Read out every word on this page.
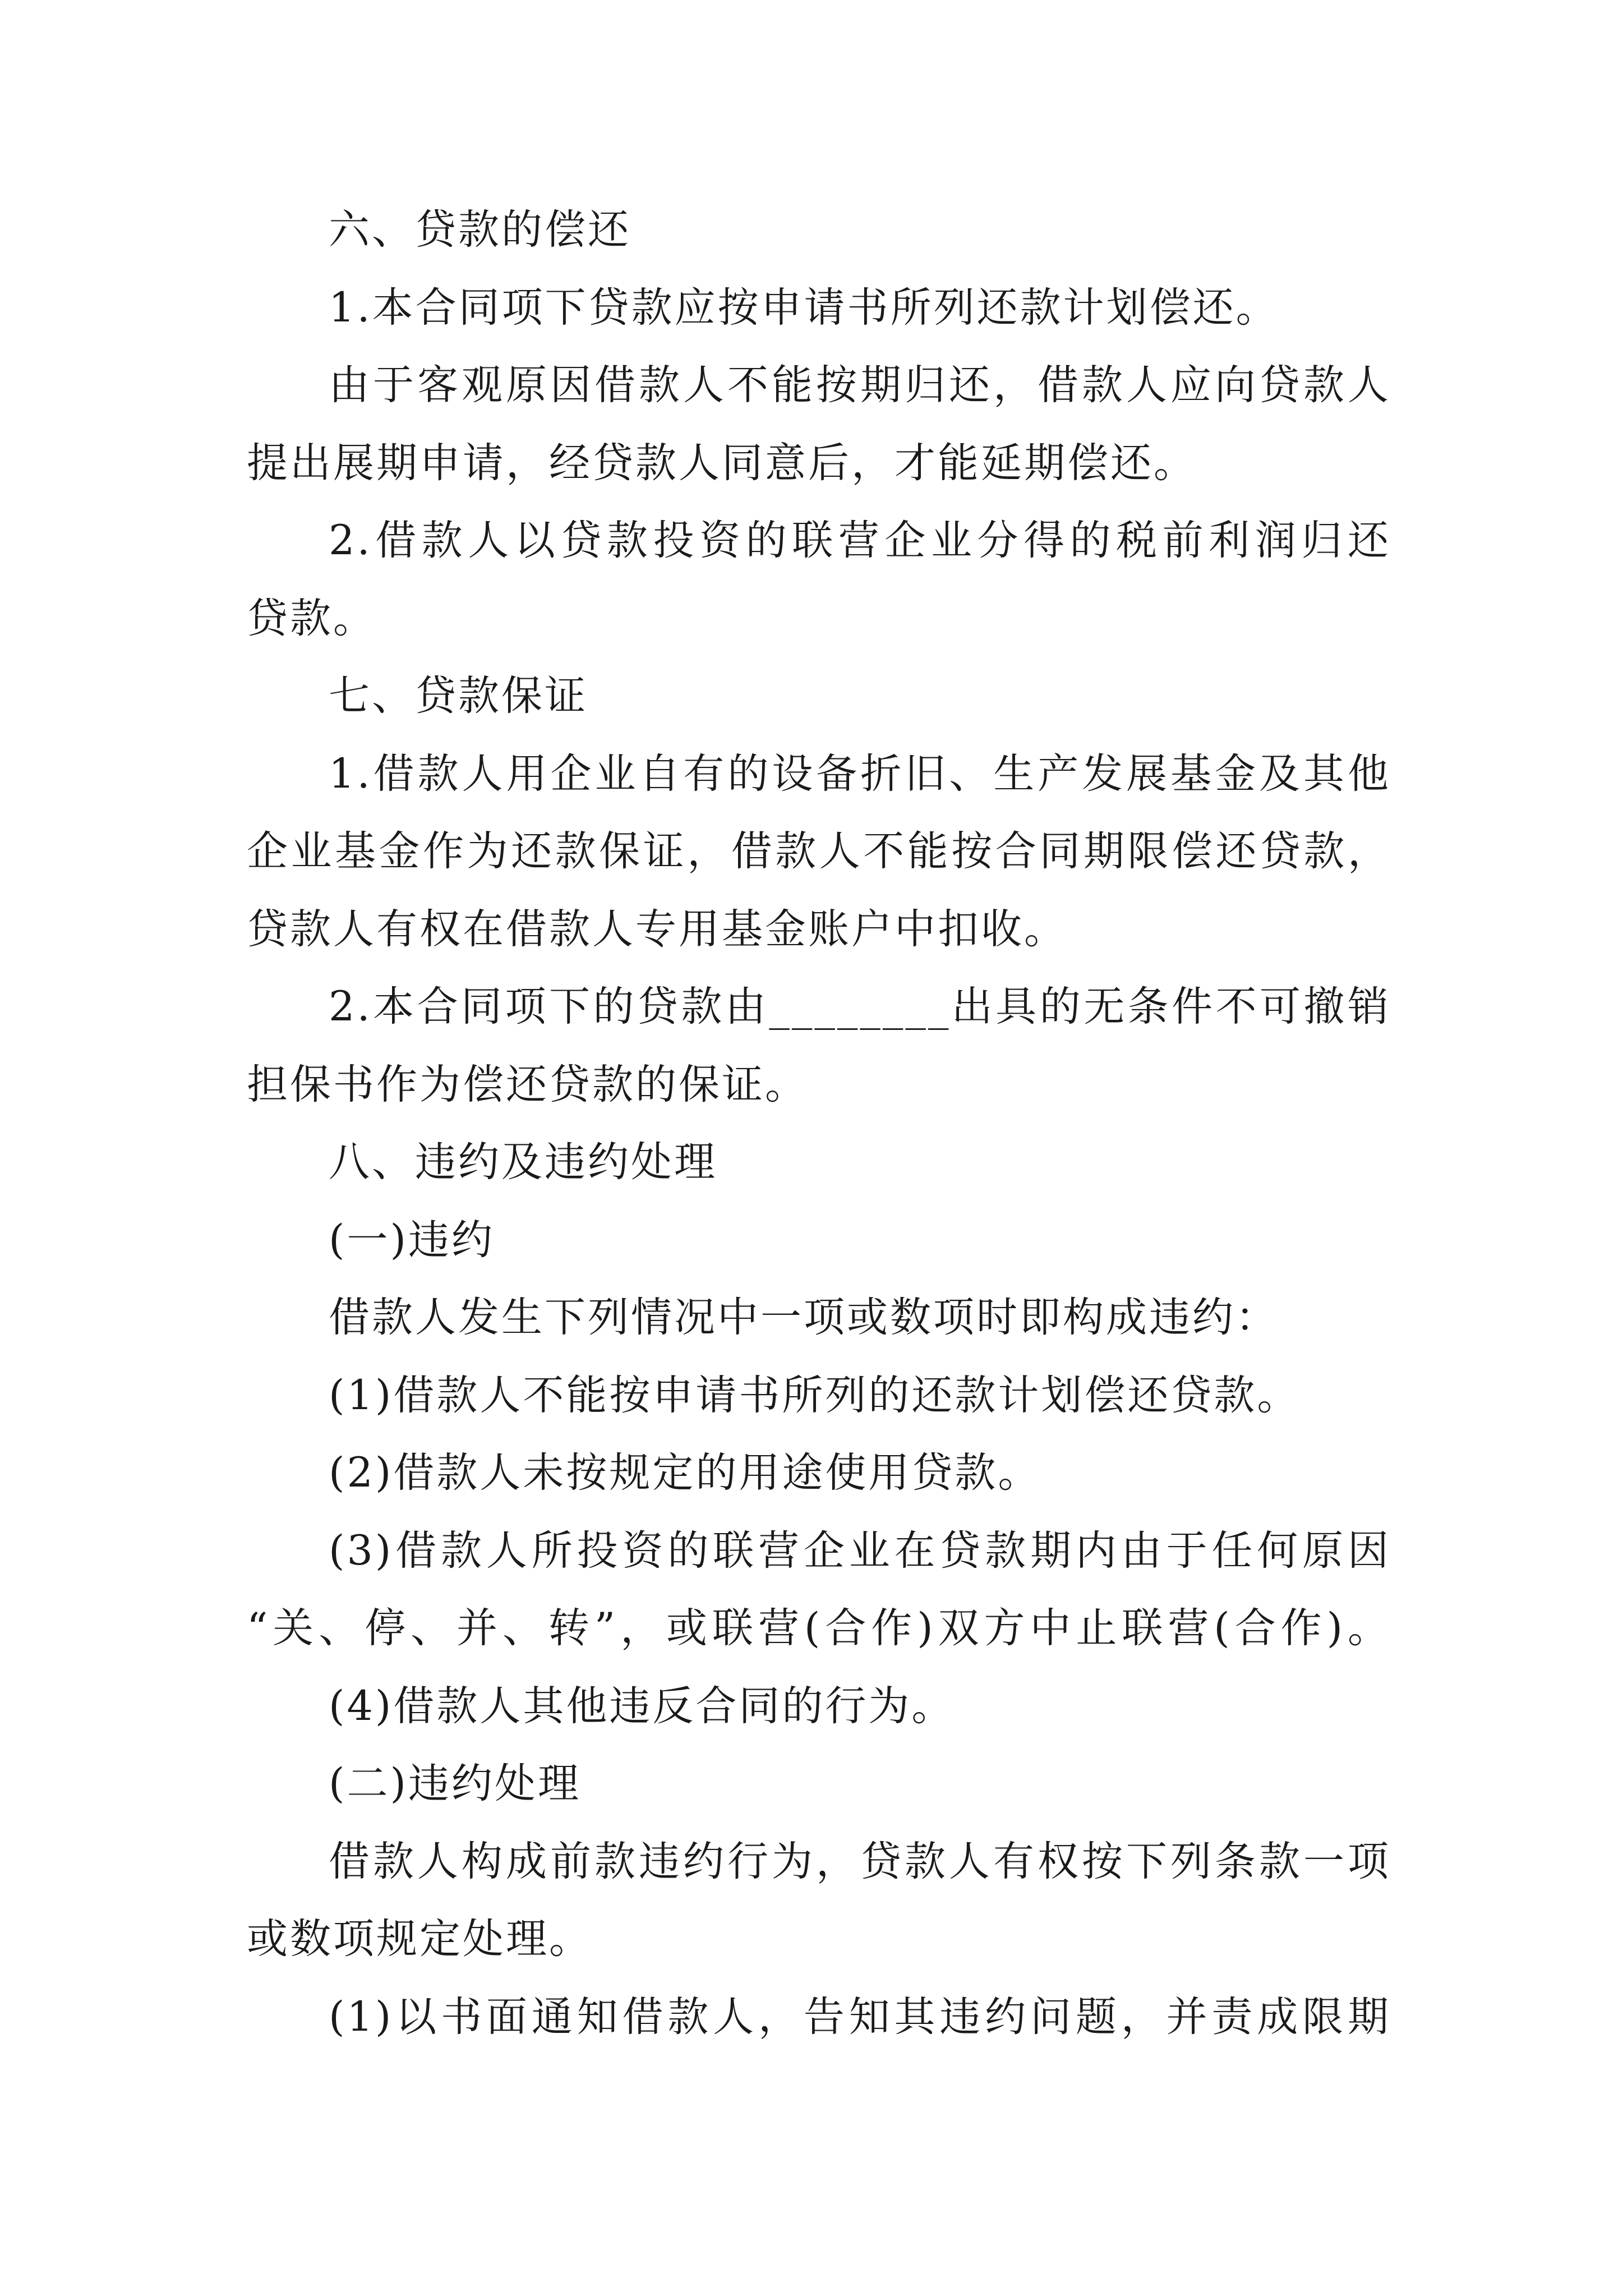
六、贷款的偿还
1.本合同项下贷款应按申请书所列还款计划偿还。
由于客观原因借款人不能按期归还，借款人应向贷款人
提出展期申请，经贷款人同意后，才能延期偿还。
2.借款人以贷款投资的联营企业分得的税前利润归还
贷款。
七、贷款保证
1.借款人用企业自有的设备折旧、生产发展基金及其他
企业基金作为还款保证，借款人不能按合同期限偿还贷款，
贷款人有权在借款人专用基金账户中扣收。
2.本合同项下的贷款由________出具的无条件不可撤销
担保书作为偿还贷款的保证。
八、违约及违约处理
(一)违约
借款人发生下列情况中一项或数项时即构成违约：
(1)借款人不能按申请书所列的还款计划偿还贷款。
(2)借款人未按规定的用途使用贷款。
(3)借款人所投资的联营企业在贷款期内由于任何原因
“关、停、并、转”，或联营(合作)双方中止联营(合作)。
(4)借款人其他违反合同的行为。
(二)违约处理
借款人构成前款违约行为，贷款人有权按下列条款一项
或数项规定处理。
(1)以书面通知借款人，告知其违约问题，并责成限期
